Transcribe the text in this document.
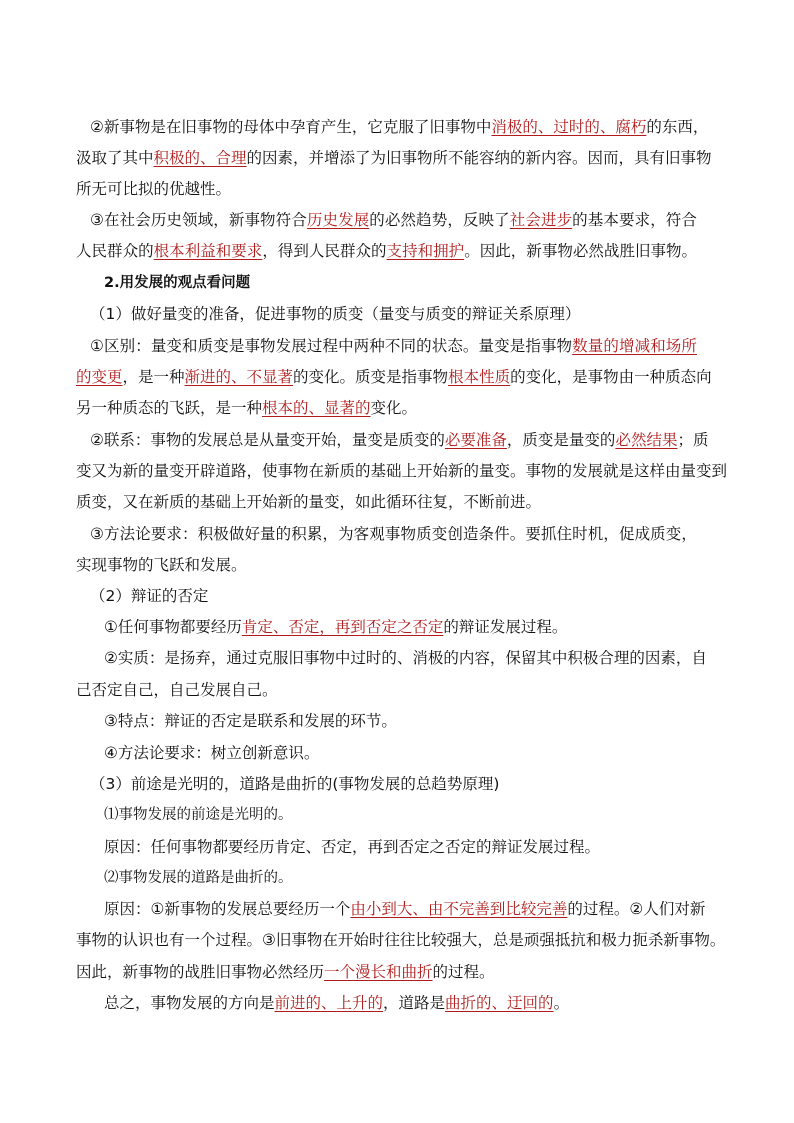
②新事物是在旧事物的母体中孕育产生，它克服了旧事物中消极的、过时的、腐朽的东西，
汲取了其中积极的、合理的因素，并增添了为旧事物所不能容纳的新内容。因而，具有旧事物
所无可比拟的优越性。
③在社会历史领域，新事物符合历史发展的必然趋势，反映了社会进步的基本要求，符合
人民群众的根本利益和要求，得到人民群众的支持和拥护。因此，新事物必然战胜旧事物。
2.用发展的观点看问题
（1）做好量变的准备，促进事物的质变（量变与质变的辩证关系原理）
①区别：量变和质变是事物发展过程中两种不同的状态。量变是指事物数量的增减和场所
的变更，是一种渐进的、不显著的变化。质变是指事物根本性质的变化，是事物由一种质态向
另一种质态的飞跃，是一种根本的、显著的变化。
②联系：事物的发展总是从量变开始，量变是质变的必要准备，质变是量变的必然结果；质
变又为新的量变开辟道路，使事物在新质的基础上开始新的量变。事物的发展就是这样由量变到
质变，又在新质的基础上开始新的量变，如此循环往复，不断前进。
③方法论要求：积极做好量的积累，为客观事物质变创造条件。要抓住时机，促成质变，
实现事物的飞跃和发展。
（2）辩证的否定
①任何事物都要经历肯定、否定，再到否定之否定的辩证发展过程。
②实质：是扬弃，通过克服旧事物中过时的、消极的内容，保留其中积极合理的因素，自
己否定自己，自己发展自己。
③特点：辩证的否定是联系和发展的环节。
④方法论要求：树立创新意识。
（3）前途是光明的，道路是曲折的(事物发展的总趋势原理)
⑴事物发展的前途是光明的。
原因：任何事物都要经历肯定、否定，再到否定之否定的辩证发展过程。
⑵事物发展的道路是曲折的。
原因：①新事物的发展总要经历一个由小到大、由不完善到比较完善的过程。②人们对新
事物的认识也有一个过程。③旧事物在开始时往往比较强大，总是顽强抵抗和极力扼杀新事物。
因此，新事物的战胜旧事物必然经历一个漫长和曲折的过程。
总之，事物发展的方向是前进的、上升的，道路是曲折的、迂回的。
